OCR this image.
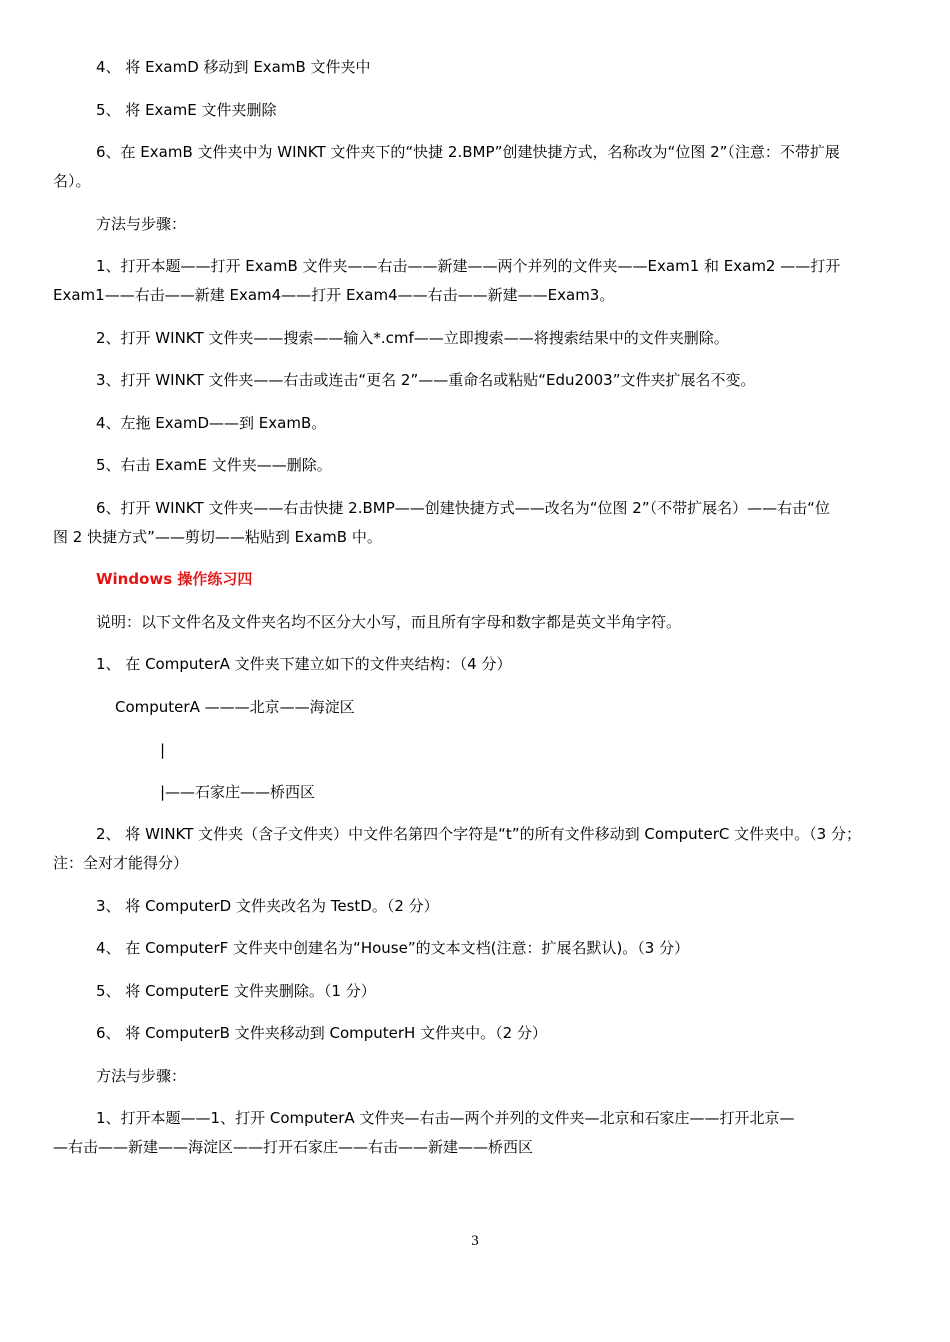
4、 将 ExamD 移动到 ExamB 文件夹中
5、 将 ExamE 文件夹删除
6、在 ExamB 文件夹中为 WINKT 文件夹下的“快捷 2.BMP”创建快捷方式，名称改为“位图 2”（注意：不带扩展
名）。
方法与步骤：
1、打开本题——打开 ExamB 文件夹——右击——新建——两个并列的文件夹——Exam1 和 Exam2 ——打开
Exam1——右击——新建 Exam4——打开 Exam4——右击——新建——Exam3。
2、打开 WINKT 文件夹——搜索——输入*.cmf——立即搜索——将搜索结果中的文件夹删除。
3、打开 WINKT 文件夹——右击或连击“更名 2”——重命名或粘贴“Edu2003”文件夹扩展名不变。
4、左拖 ExamD——到 ExamB。
5、右击 ExamE 文件夹——删除。
6、打开 WINKT 文件夹——右击快捷 2.BMP——创建快捷方式——改名为“位图 2”（不带扩展名）——右击“位
图 2 快捷方式”——剪切——粘贴到 ExamB 中。
Windows 操作练习四
说明：以下文件名及文件夹名均不区分大小写，而且所有字母和数字都是英文半角字符。
1、 在 ComputerA 文件夹下建立如下的文件夹结构：（4 分）
ComputerA ———北京——海淀区
|
|——石家庄——桥西区
2、 将 WINKT 文件夹（含子文件夹）中文件名第四个字符是“t”的所有文件移动到 ComputerC 文件夹中。（3 分；
注：全对才能得分）
3、 将 ComputerD 文件夹改名为 TestD。（2 分）
4、 在 ComputerF 文件夹中创建名为“House”的文本文档(注意：扩展名默认)。（3 分）
5、 将 ComputerE 文件夹删除。（1 分）
6、 将 ComputerB 文件夹移动到 ComputerH 文件夹中。（2 分）
方法与步骤：
1、打开本题——1、打开 ComputerA 文件夹—右击—两个并列的文件夹—北京和石家庄——打开北京—
—右击——新建——海淀区——打开石家庄——右击——新建——桥西区
3
